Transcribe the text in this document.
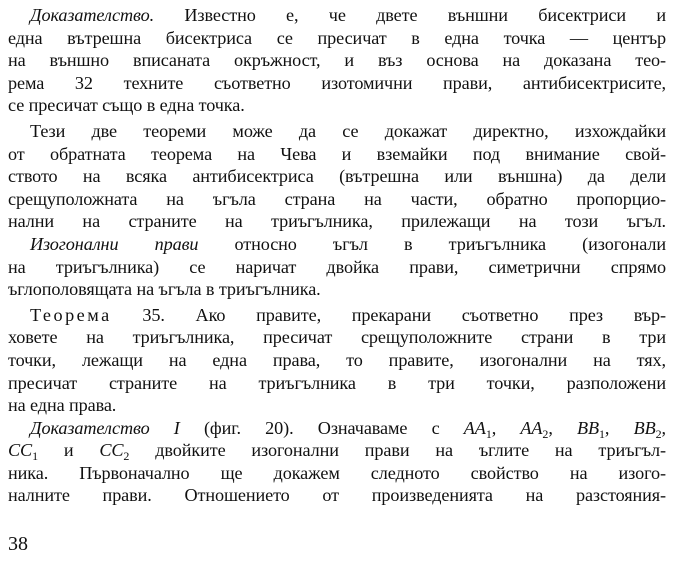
Доказателство. Известно е, че двете външни бисектриси и
една вътрешна бисектриса се пресичат в една точка — център
на външно вписаната окръжност, и въз основа на доказана тео-
рема 32 техните съответно изотомични прави, антибисектрисите,
се пресичат също в една точка.
Тези две теореми може да се докажат директно, изхождайки
от обратната теорема на Чева и вземайки под внимание свой-
ството на всяка антибисектриса (вътрешна или външна) да дели
срещуположната на ъгъла страна на части, обратно пропорцио-
нални на страните на триъгълника, прилежащи на този ъгъл.
Изогонални прави относно ъгъл в триъгълника (изогонали
на триъгълника) се наричат двойка прави, симетрични спрямо
ъглополовящата на ъгъла в триъгълника.
Теорема 35. Ако правите, прекарани съответно през вър-
ховете на триъгълника, пресичат срещуположните страни в три
точки, лежащи на една права, то правите, изогонални на тях,
пресичат страните на триъгълника в три точки, разположени
на една права.
Доказателство I (фиг. 20). Означаваме с $AA_1$, $AA_2$, $BB_1$, $BB_2$,
$CC_1$ и $CC_2$ двойките изогонални прави на ъглите на триъгъл-
ника. Първоначално ще докажем следното свойство на изого-
налните прави. Отношението от произведенията на разстояния-
38
